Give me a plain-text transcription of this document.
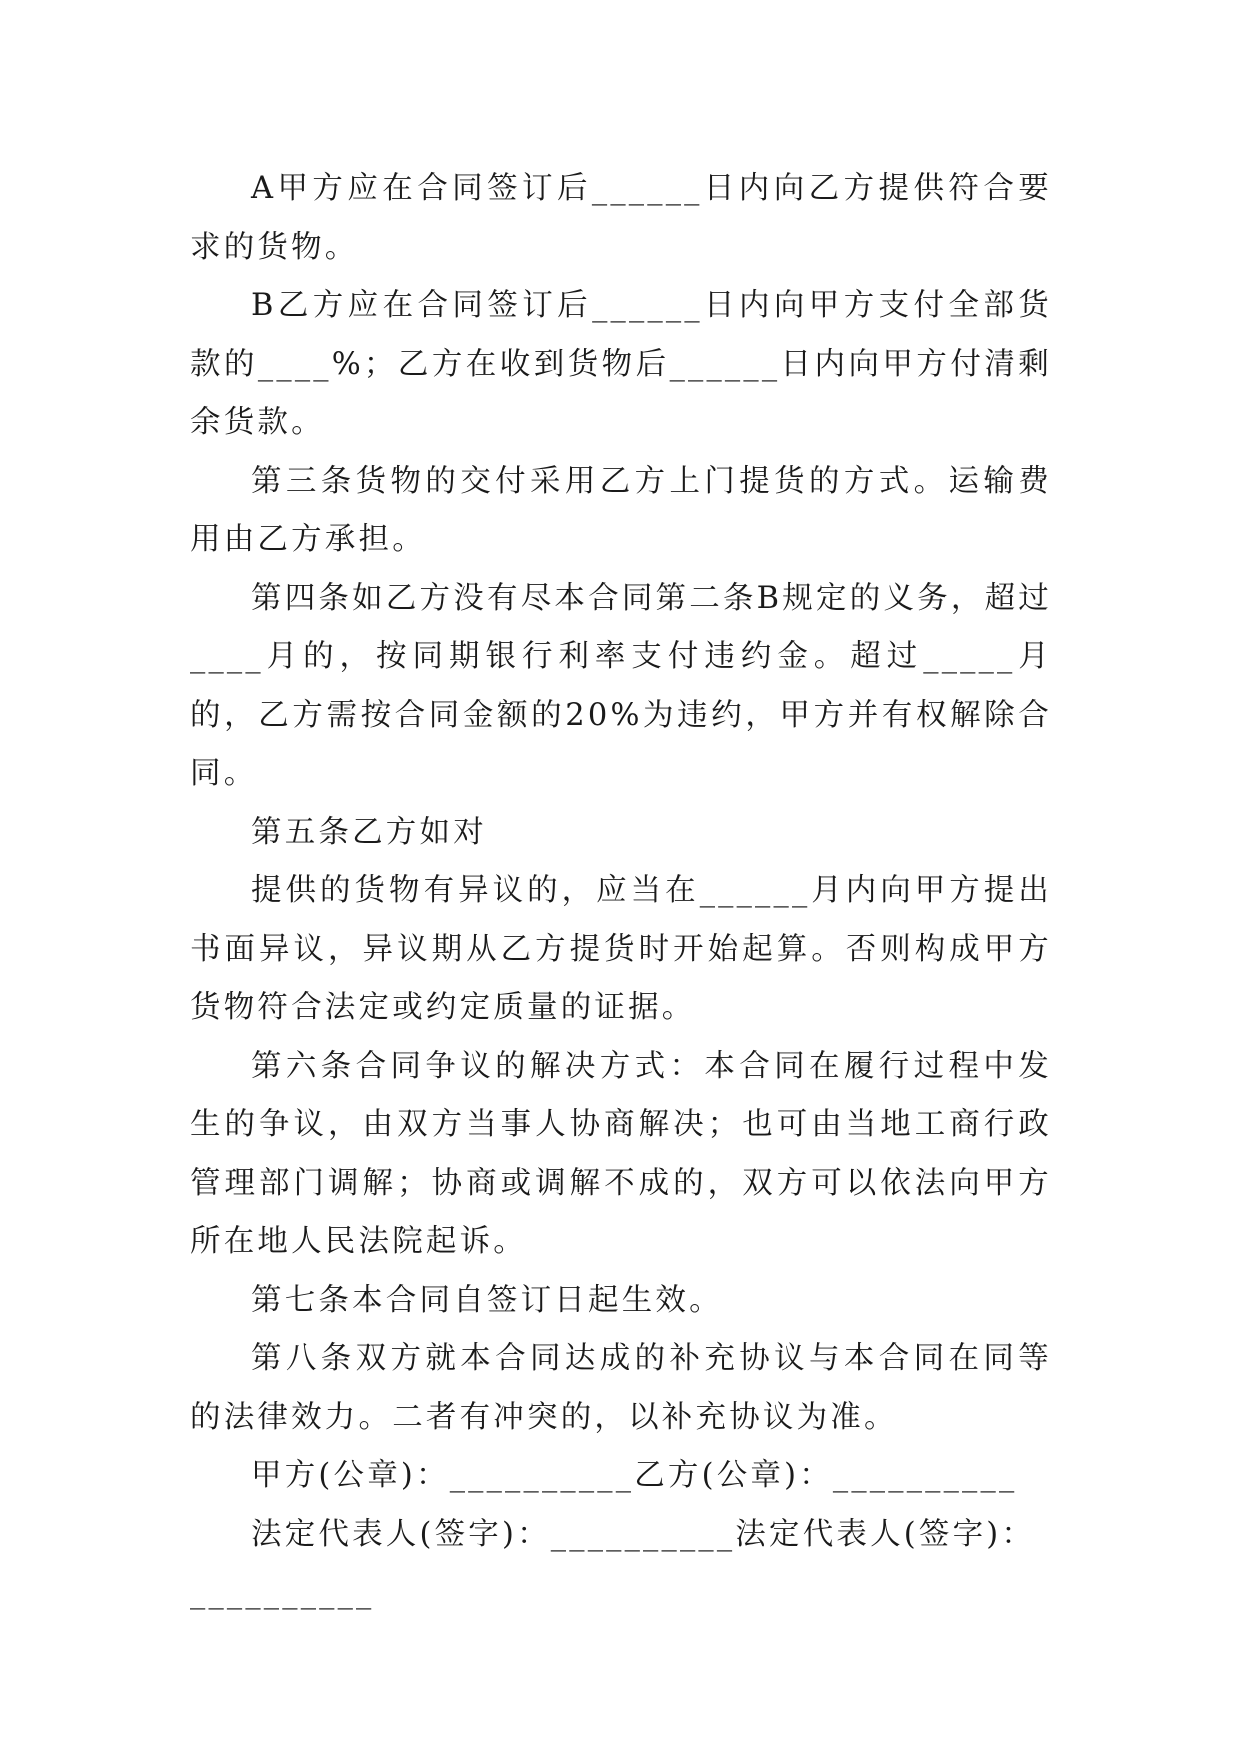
A甲方应在合同签订后______日内向乙方提供符合要求的货物。

B乙方应在合同签订后______日内向甲方支付全部货款的____%；乙方在收到货物后______日内向甲方付清剩余货款。

第三条货物的交付采用乙方上门提货的方式。运输费用由乙方承担。

第四条如乙方没有尽本合同第二条B规定的义务，超过____月的，按同期银行利率支付违约金。超过_____月的，乙方需按合同金额的20%为违约，甲方并有权解除合同。

第五条乙方如对

提供的货物有异议的，应当在______月内向甲方提出书面异议，异议期从乙方提货时开始起算。否则构成甲方货物符合法定或约定质量的证据。

第六条合同争议的解决方式：本合同在履行过程中发生的争议，由双方当事人协商解决；也可由当地工商行政管理部门调解；协商或调解不成的，双方可以依法向甲方所在地人民法院起诉。

第七条本合同自签订日起生效。

第八条双方就本合同达成的补充协议与本合同在同等的法律效力。二者有冲突的，以补充协议为准。

甲方(公章)：__________乙方(公章)：__________

法定代表人(签字)：__________法定代表人(签字)：

__________
